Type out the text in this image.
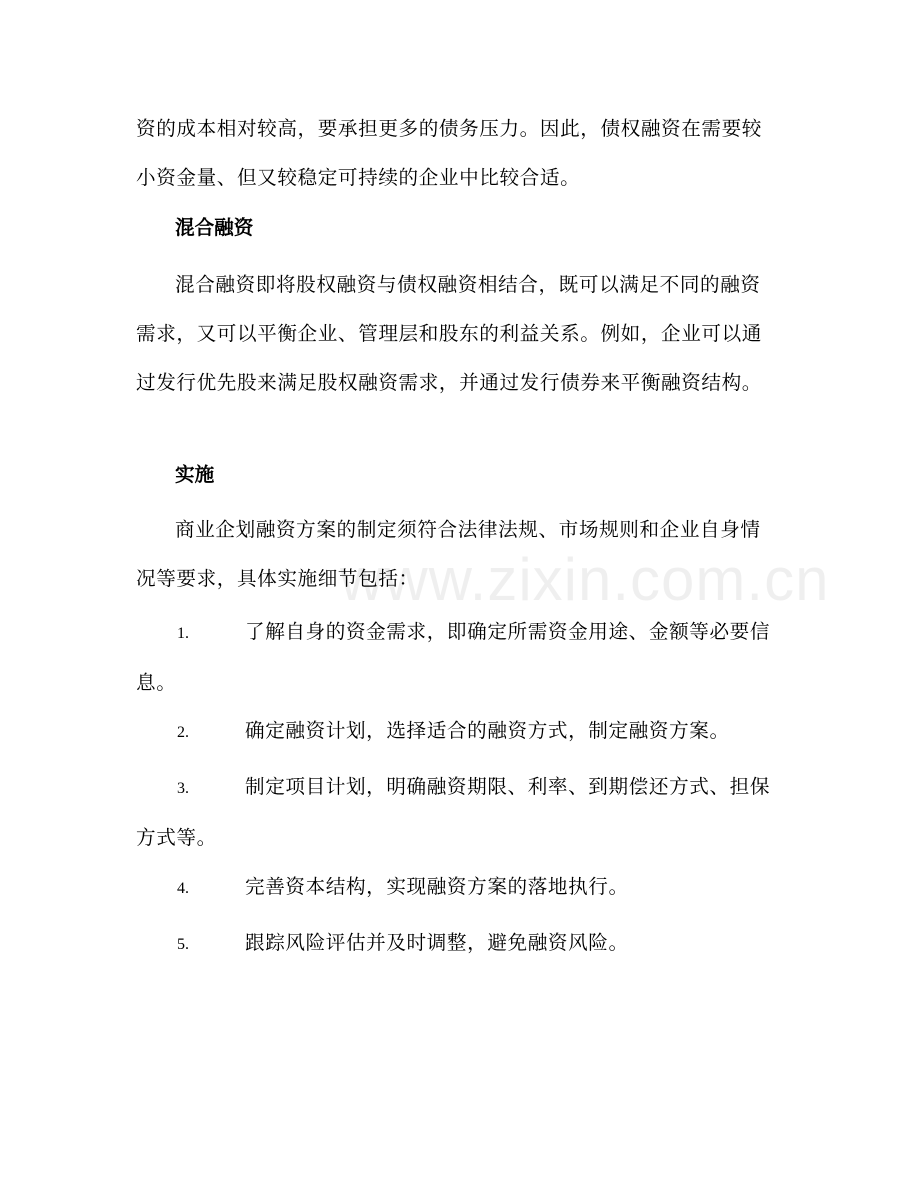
资的成本相对较高，要承担更多的债务压力。因此，债权融资在需要较小资金量、但又较稳定可持续的企业中比较合适。

混合融资

混合融资即将股权融资与债权融资相结合，既可以满足不同的融资需求，又可以平衡企业、管理层和股东的利益关系。例如，企业可以通过发行优先股来满足股权融资需求，并通过发行债券来平衡融资结构。

实施

商业企划融资方案的制定须符合法律法规、市场规则和企业自身情况等要求，具体实施细节包括：

1.	了解自身的资金需求，即确定所需资金用途、金额等必要信息。

2.	确定融资计划，选择适合的融资方式，制定融资方案。

3.	制定项目计划，明确融资期限、利率、到期偿还方式、担保方式等。

4.	完善资本结构，实现融资方案的落地执行。

5.	跟踪风险评估并及时调整，避免融资风险。

www.zixin.com.cn
